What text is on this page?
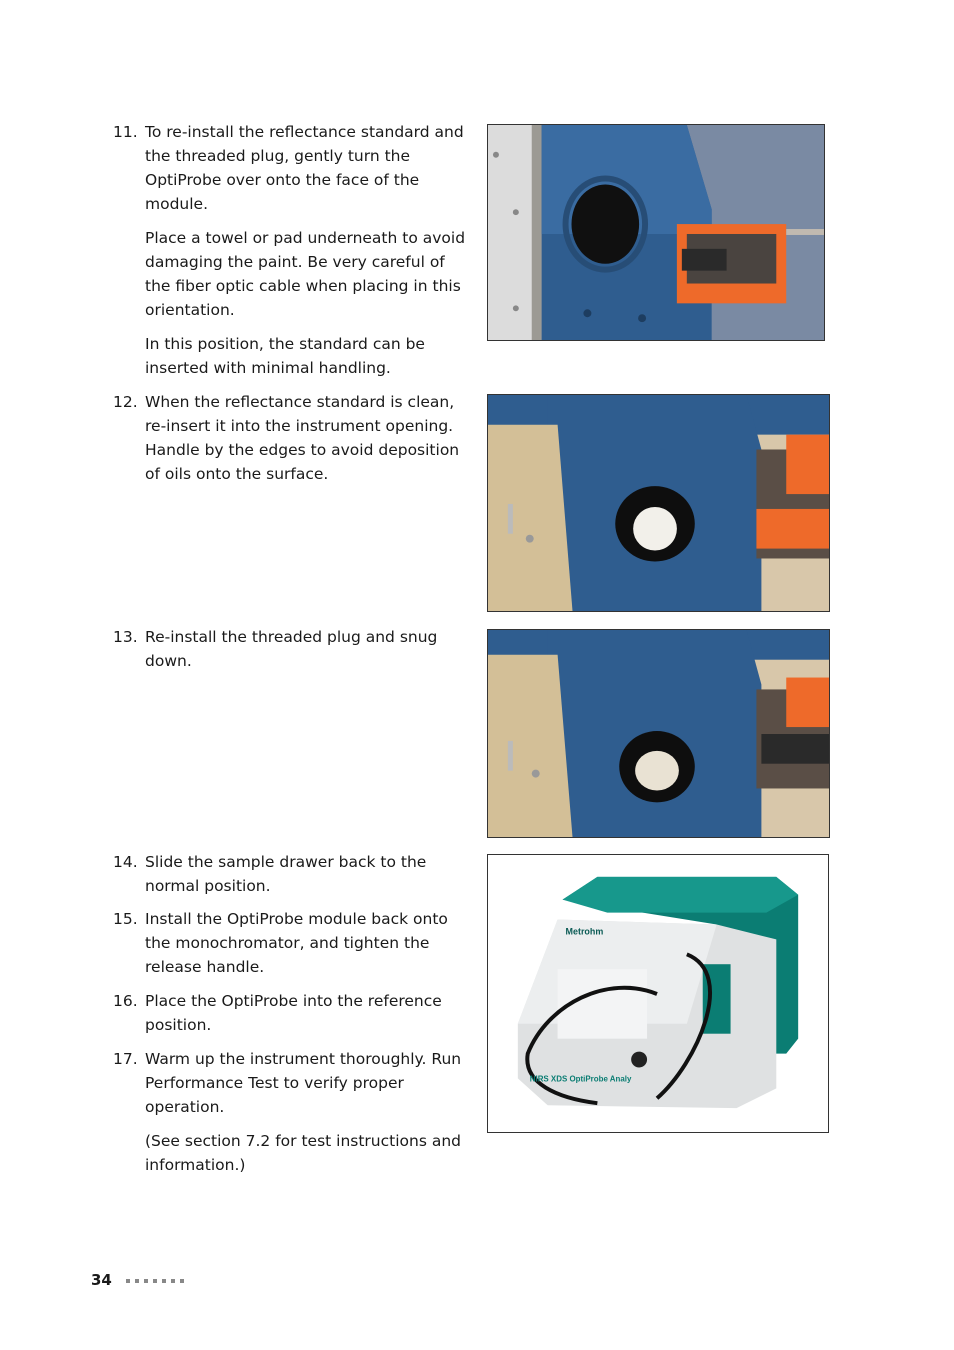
11. To re-install the reflectance standard and the threaded plug, gently turn the OptiProbe over onto the face of the module.

Place a towel or pad underneath to avoid damaging the paint. Be very careful of the fiber optic cable when placing in this orientation.

In this position, the standard can be inserted with minimal handling.

12. When the reflectance standard is clean, re-insert it into the instrument opening. Handle by the edges to avoid deposition of oils onto the surface.

13. Re-install the threaded plug and snug down.

14. Slide the sample drawer back to the normal position.

15. Install the OptiProbe module back onto the monochromator, and tighten the release handle.

16. Place the OptiProbe into the reference position.

17. Warm up the instrument thoroughly. Run Performance Test to verify proper operation.

(See section 7.2 for test instructions and information.)

Metrohm
NIRS XDS OptiProbe Analy
34
